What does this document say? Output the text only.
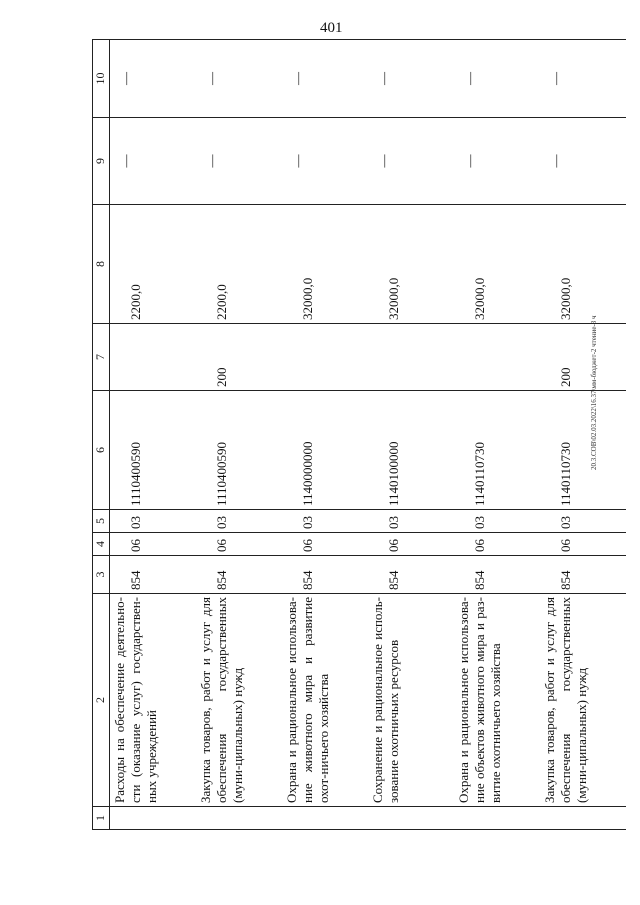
401
20.3.СОВ\02.03.2022\16.37\мм-бюджет-2 чтение-3 ч
1	2	3	4	5	6	7	8	9	10
	Расходы на обеспечение деятельно-сти (оказание услуг) государствен-ных учреждений	854	06	03	1110400590		2200,0	—	—
	Закупка товаров, работ и услуг для обеспечения государственных (муни-ципальных) нужд	854	06	03	1110400590	200	2200,0	—	—
	Охрана и рациональное использова-ние животного мира и развитие охот-ничьего хозяйства	854	06	03	1140000000		32000,0	—	—
	Сохранение и рациональное исполь-зование охотничьих ресурсов	854	06	03	1140100000		32000,0	—	—
	Охрана и рациональное использова-ние объектов животного мира и раз-витие охотничьего хозяйства	854	06	03	1140110730		32000,0	—	—
	Закупка товаров, работ и услуг для обеспечения государственных (муни-ципальных) нужд	854	06	03	1140110730	200	32000,0	—	—
